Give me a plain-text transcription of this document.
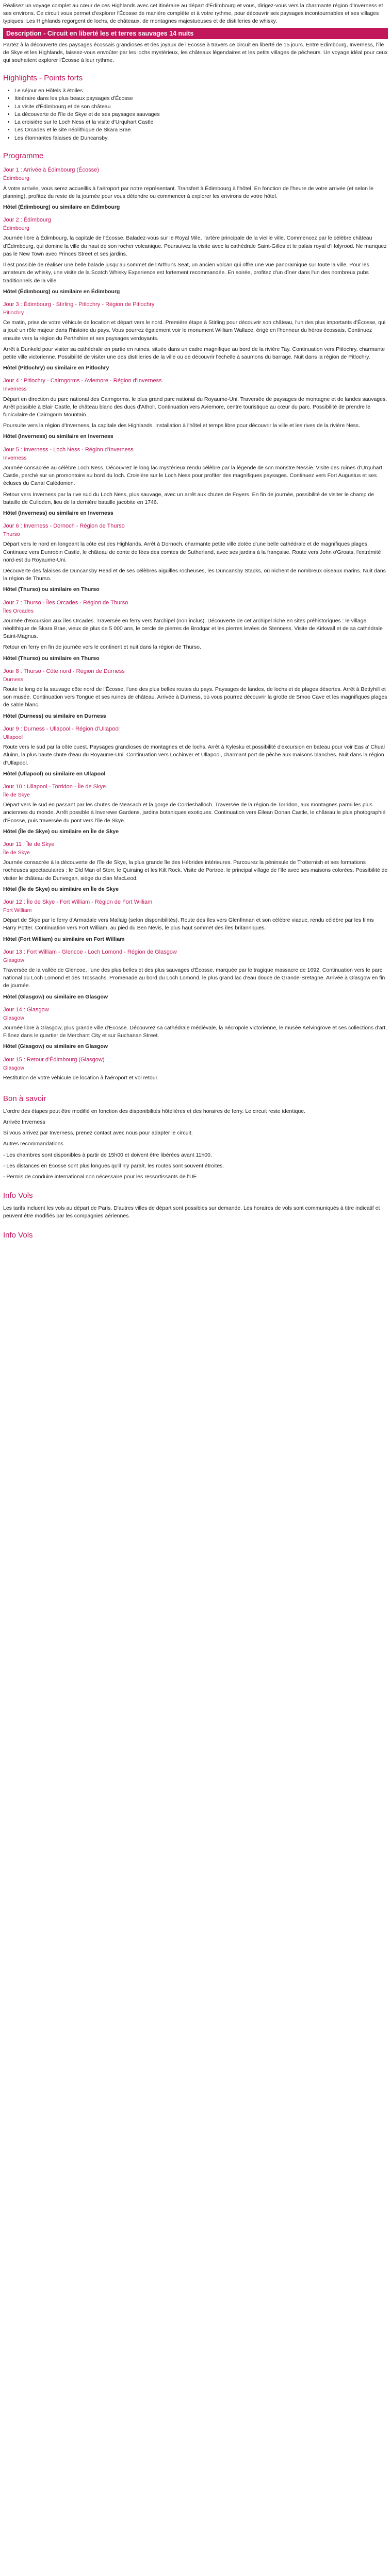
Réalisez un voyage complet au cœur de ces Highlands avec cet itinéraire au départ d'Édimbourg et vous, dirigez-vous vers la charmante région d'Inverness et ses environs. Ce circuit vous permet d'explorer l'Écosse de manière complète et à votre rythme, pour découvrir ses paysages incontournables et ses villages typiques. Les Highlands regorgent de lochs, de châteaux, de montagnes majestueuses et de distilleries de whisky.

Description - Circuit en liberté les et terres sauvages 14 nuits

Partez à la découverte des paysages écossais grandioses et des joyaux de l'Écosse à travers ce circuit en liberté de 15 jours. Entre Édimbourg, Inverness, l'île de Skye et les Highlands, laissez-vous envoûter par les lochs mystérieux, les châteaux légendaires et les petits villages de pêcheurs. Un voyage idéal pour ceux qui souhaitent explorer l'Écosse à leur rythme.

Highlights - Points forts
• Le séjour en Hôtels 3 étoiles
• Itinéraire dans les plus beaux paysages d'Écosse
• La visite d'Édimbourg et de son château
• La découverte de l'île de Skye et de ses paysages sauvages
• La croisière sur le Loch Ness et la visite d'Urquhart Castle
• Les Orcades et le site néolithique de Skara Brae
• Les étonnantes falaises de Duncansby
Programme
Jour 1 : Arrivée à Édimbourg (Écosse)
Édimbourg

À votre arrivée, vous serez accueillis à l'aéroport par notre représentant. Transfert à Édimbourg à l'hôtel. En fonction de l'heure de votre arrivée (et selon le planning), profitez du reste de la journée pour vous détendre ou commencer à explorer les environs de votre hôtel.

Hôtel (Édimbourg) ou similaire en Édimbourg

Jour 2 : Édimbourg
Édimbourg

Journée libre à Édimbourg, la capitale de l'Écosse. Baladez-vous sur le Royal Mile, l'artère principale de la vieille ville. Commencez par le célèbre château d'Édimbourg, qui domine la ville du haut de son rocher volcanique. Poursuivez la visite avec la cathédrale Saint-Gilles et le palais royal d'Holyrood. Ne manquez pas le New Town avec Princes Street et ses jardins.

Il est possible de réaliser une belle balade jusqu'au sommet de l'Arthur's Seat, un ancien volcan qui offre une vue panoramique sur toute la ville. Pour les amateurs de whisky, une visite de la Scotch Whisky Experience est fortement recommandée. En soirée, profitez d'un dîner dans l'un des nombreux pubs traditionnels de la ville.

Hôtel (Édimbourg) ou similaire en Édimbourg

Jour 3 : Édimbourg - Stirling - Pitlochry - Région de Pitlochry
Pitlochry

Ce matin, prise de votre véhicule de location et départ vers le nord. Première étape à Stirling pour découvrir son château, l'un des plus importants d'Écosse, qui a joué un rôle majeur dans l'histoire du pays. Vous pourrez également voir le monument William Wallace, érigé en l'honneur du héros écossais. Continuez ensuite vers la région du Perthshire et ses paysages verdoyants.

Arrêt à Dunkeld pour visiter sa cathédrale en partie en ruines, située dans un cadre magnifique au bord de la rivière Tay. Continuation vers Pitlochry, charmante petite ville victorienne. Possibilité de visiter une des distilleries de la ville ou de découvrir l'échelle à saumons du barrage. Nuit dans la région de Pitlochry.

Hôtel (Pitlochry) ou similaire en Pitlochry

Jour 4 : Pitlochry - Cairngorms - Aviemore - Région d'Inverness
Inverness

Départ en direction du parc national des Cairngorms, le plus grand parc national du Royaume-Uni. Traversée de paysages de montagne et de landes sauvages. Arrêt possible à Blair Castle, le château blanc des ducs d'Atholl. Continuation vers Aviemore, centre touristique au cœur du parc. Possibilité de prendre le funiculaire de Cairngorm Mountain.

Poursuite vers la région d'Inverness, la capitale des Highlands. Installation à l'hôtel et temps libre pour découvrir la ville et les rives de la rivière Ness.

Hôtel (Inverness) ou similaire en Inverness

Jour 5 : Inverness - Loch Ness - Région d'Inverness
Inverness

Journée consacrée au célèbre Loch Ness. Découvrez le long lac mystérieux rendu célèbre par la légende de son monstre Nessie. Visite des ruines d'Urquhart Castle, perché sur un promontoire au bord du loch. Croisière sur le Loch Ness pour profiter des magnifiques paysages. Continuez vers Fort Augustus et ses écluses du Canal Calédonien.

Retour vers Inverness par la rive sud du Loch Ness, plus sauvage, avec un arrêt aux chutes de Foyers. En fin de journée, possibilité de visiter le champ de bataille de Culloden, lieu de la dernière bataille jacobite en 1746.

Hôtel (Inverness) ou similaire en Inverness

Jour 6 : Inverness - Dornoch - Région de Thurso
Thurso

Départ vers le nord en longeant la côte est des Highlands. Arrêt à Dornoch, charmante petite ville dotée d'une belle cathédrale et de magnifiques plages. Continuez vers Dunrobin Castle, le château de conte de fées des comtes de Sutherland, avec ses jardins à la française. Route vers John o'Groats, l'extrémité nord-est du Royaume-Uni.

Découverte des falaises de Duncansby Head et de ses célèbres aiguilles rocheuses, les Duncansby Stacks, où nichent de nombreux oiseaux marins. Nuit dans la région de Thurso.

Hôtel (Thurso) ou similaire en Thurso

Jour 7 : Thurso - Îles Orcades - Région de Thurso
Îles Orcades

Journée d'excursion aux îles Orcades. Traversée en ferry vers l'archipel (non inclus). Découverte de cet archipel riche en sites préhistoriques : le village néolithique de Skara Brae, vieux de plus de 5 000 ans, le cercle de pierres de Brodgar et les pierres levées de Stenness. Visite de Kirkwall et de sa cathédrale Saint-Magnus.

Retour en ferry en fin de journée vers le continent et nuit dans la région de Thurso.

Hôtel (Thurso) ou similaire en Thurso

Jour 8 : Thurso - Côte nord - Région de Durness
Durness

Route le long de la sauvage côte nord de l'Écosse, l'une des plus belles routes du pays. Paysages de landes, de lochs et de plages désertes. Arrêt à Bettyhill et son musée. Continuation vers Tongue et ses ruines de château. Arrivée à Durness, où vous pourrez découvrir la grotte de Smoo Cave et les magnifiques plages de sable blanc.

Hôtel (Durness) ou similaire en Durness

Jour 9 : Durness - Ullapool - Région d'Ullapool
Ullapool

Route vers le sud par la côte ouest. Paysages grandioses de montagnes et de lochs. Arrêt à Kylesku et possibilité d'excursion en bateau pour voir Eas a' Chual Aluinn, la plus haute chute d'eau du Royaume-Uni. Continuation vers Lochinver et Ullapool, charmant port de pêche aux maisons blanches. Nuit dans la région d'Ullapool.

Hôtel (Ullapool) ou similaire en Ullapool

Jour 10 : Ullapool - Torridon - Île de Skye
Île de Skye

Départ vers le sud en passant par les chutes de Measach et la gorge de Corrieshalloch. Traversée de la région de Torridon, aux montagnes parmi les plus anciennes du monde. Arrêt possible à Inverewe Gardens, jardins botaniques exotiques. Continuation vers Eilean Donan Castle, le château le plus photographié d'Écosse, puis traversée du pont vers l'île de Skye.

Hôtel (Île de Skye) ou similaire en Île de Skye

Jour 11 : Île de Skye
Île de Skye

Journée consacrée à la découverte de l'île de Skye, la plus grande île des Hébrides intérieures. Parcourez la péninsule de Trotternish et ses formations rocheuses spectaculaires : le Old Man of Storr, le Quiraing et les Kilt Rock. Visite de Portree, le principal village de l'île avec ses maisons colorées. Possibilité de visiter le château de Dunvegan, siège du clan MacLeod.

Hôtel (Île de Skye) ou similaire en Île de Skye

Jour 12 : Île de Skye - Fort William - Région de Fort William
Fort William

Départ de Skye par le ferry d'Armadale vers Mallaig (selon disponibilités). Route des îles vers Glenfinnan et son célèbre viaduc, rendu célèbre par les films Harry Potter. Continuation vers Fort William, au pied du Ben Nevis, le plus haut sommet des îles britanniques.

Hôtel (Fort William) ou similaire en Fort William

Jour 13 : Fort William - Glencoe - Loch Lomond - Région de Glasgow
Glasgow

Traversée de la vallée de Glencoe, l'une des plus belles et des plus sauvages d'Écosse, marquée par le tragique massacre de 1692. Continuation vers le parc national du Loch Lomond et des Trossachs. Promenade au bord du Loch Lomond, le plus grand lac d'eau douce de Grande-Bretagne. Arrivée à Glasgow en fin de journée.

Hôtel (Glasgow) ou similaire en Glasgow

Jour 14 : Glasgow
Glasgow

Journée libre à Glasgow, plus grande ville d'Écosse. Découvrez sa cathédrale médiévale, la nécropole victorienne, le musée Kelvingrove et ses collections d'art. Flânez dans le quartier de Merchant City et sur Buchanan Street.

Hôtel (Glasgow) ou similaire en Glasgow

Jour 15 : Retour d'Édimbourg (Glasgow)
Glasgow

Restitution de votre véhicule de location à l'aéroport et vol retour.

Bon à savoir

L'ordre des étapes peut être modifié en fonction des disponibilités hôtelières et des horaires de ferry. Le circuit reste identique.

Arrivée Inverness

Si vous arrivez par Inverness, prenez contact avec nous pour adapter le circuit.

Autres recommandations

- Les chambres sont disponibles à partir de 15h00 et doivent être libérées avant 11h00.

- Les distances en Écosse sont plus longues qu'il n'y paraît, les routes sont souvent étroites.

- Permis de conduire international non nécessaire pour les ressortissants de l'UE.

Info Vols

Les tarifs incluent les vols au départ de Paris. D'autres villes de départ sont possibles sur demande. Les horaires de vols sont communiqués à titre indicatif et peuvent être modifiés par les compagnies aériennes.

Info Vols
